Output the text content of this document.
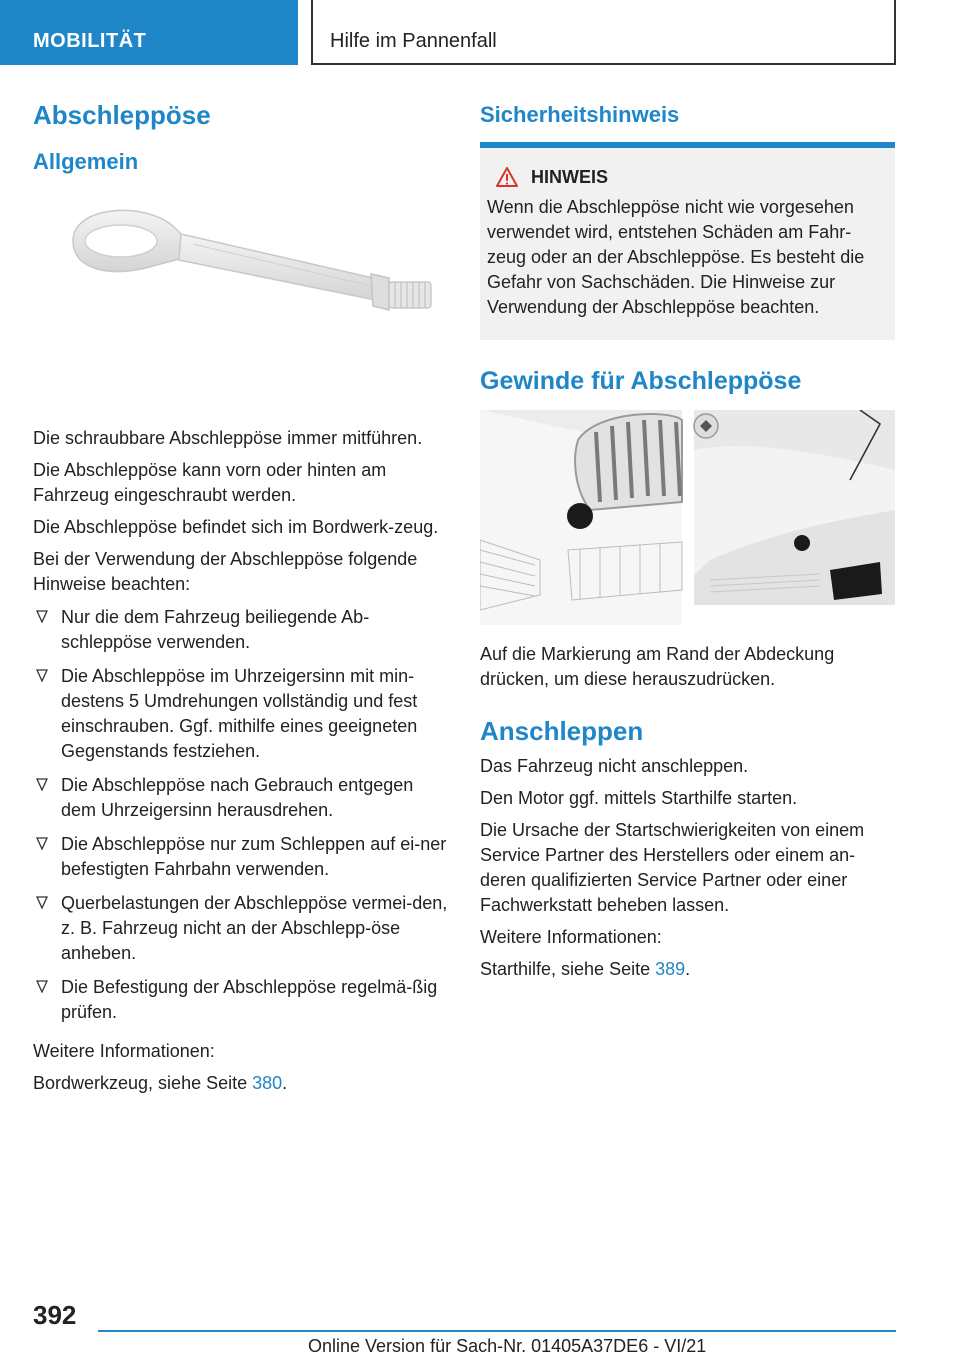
MOBILITÄT	Hilfe im Pannenfall
Abschleppöse
Allgemein

Die schraubbare Abschleppöse immer mitführen.

Die Abschleppöse kann vorn oder hinten am Fahrzeug eingeschraubt werden.

Die Abschleppöse befindet sich im Bordwerk‐zeug.

Bei der Verwendung der Abschleppöse folgende Hinweise beachten:

Nur die dem Fahrzeug beiliegende Ab‐schleppöse verwenden.
Die Abschleppöse im Uhrzeigersinn mit min‐destens 5 Umdrehungen vollständig und fest einschrauben. Ggf. mithilfe eines geeigneten Gegenstands festziehen.
Die Abschleppöse nach Gebrauch entgegen dem Uhrzeigersinn herausdrehen.
Die Abschleppöse nur zum Schleppen auf ei‐ner befestigten Fahrbahn verwenden.
Querbelastungen der Abschleppöse vermei‐den, z. B. Fahrzeug nicht an der Abschlepp‐öse anheben.
Die Befestigung der Abschleppöse regelmä‐ßig prüfen.

Weitere Informationen:

Bordwerkzeug, siehe Seite 380.

Sicherheitshinweis
HINWEIS

Wenn die Abschleppöse nicht wie vorgesehen verwendet wird, entstehen Schäden am Fahr‐zeug oder an der Abschleppöse. Es besteht die Gefahr von Sachschäden. Die Hinweise zur Verwendung der Abschleppöse beachten.

Gewinde für Abschleppöse

Auf die Markierung am Rand der Abdeckung drücken, um diese herauszudrücken.

Anschleppen

Das Fahrzeug nicht anschleppen.

Den Motor ggf. mittels Starthilfe starten.

Die Ursache der Startschwierigkeiten von einem Service Partner des Herstellers oder einem an‐deren qualifizierten Service Partner oder einer Fachwerkstatt beheben lassen.

Weitere Informationen:

Starthilfe, siehe Seite 389.

392
Online Version für Sach-Nr. 01405A37DE6 - VI/21
